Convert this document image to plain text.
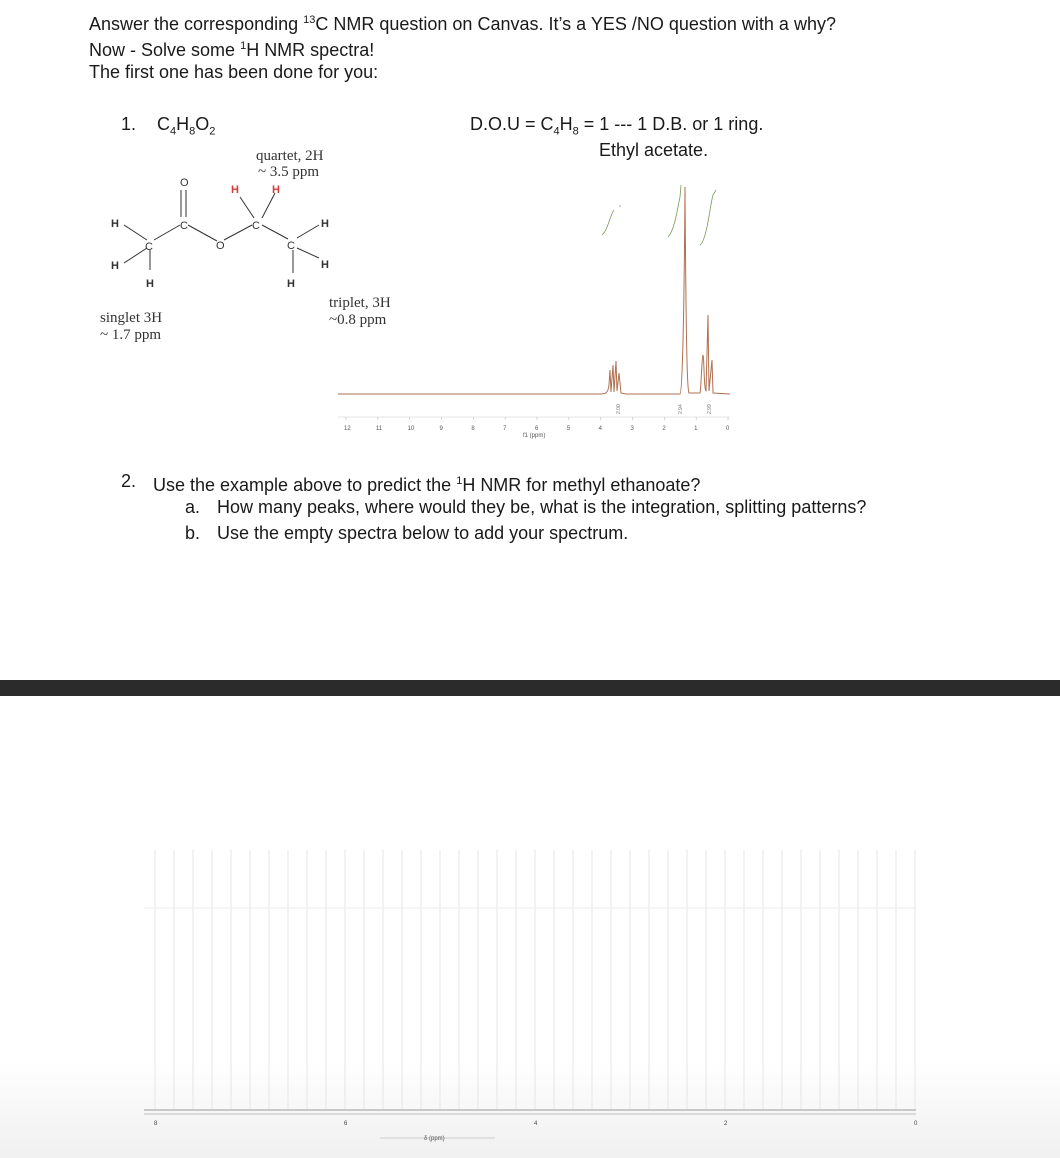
Answer the corresponding $^{13}$C NMR question on Canvas. It’s a YES /NO question with a why?
Now - Solve some $^1$H NMR spectra!
The first one has been done for you:
1. $C_4H_8O_2$	$D.O.U = C_4H_8 = 1$ --- 1 D.B. or 1 ring.
Ethyl acetate.
quartet, 2H
~ 3.5 ppm
triplet, 3H
~0.8 ppm
singlet 3H
~ 1.7 ppm
H
H
H
C
O
C
O
H	H
C
C
H
H
H
12	11	10	9	8	7	6	5	4	3	2	1	0
f1 (ppm)
2.00	2.94	2.99
2. Use the example above to predict the $^1$H NMR for methyl ethanoate?
a. How many peaks, where would they be, what is the integration, splitting patterns?
b. Use the empty spectra below to add your spectrum.
8	6	4	2	0
δ (ppm)
